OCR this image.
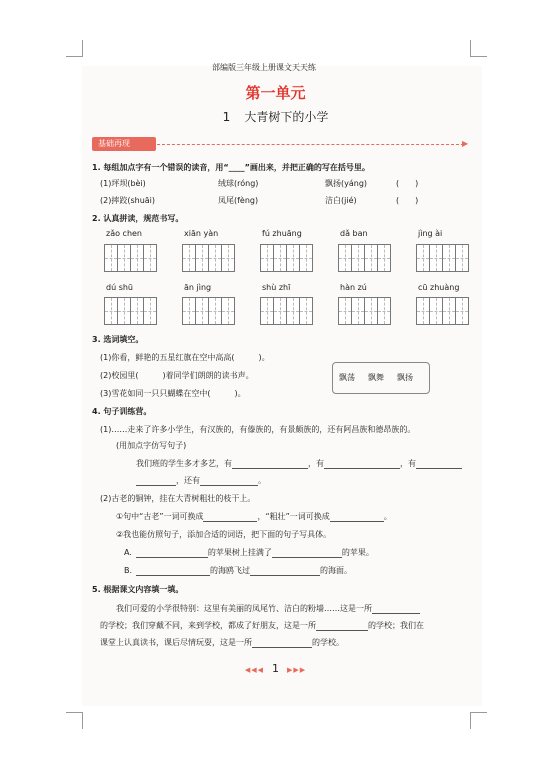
部编版三年级上册课文天天练
第一单元
1 大青树下的小学
基础再现	▶
1. 每组加点字有一个错误的读音，用“____”画出来，并把正确的写在括号里。
(1)坪坝(bèi)	绒球(róng)	飘扬(yáng)	(　　)
(2)摔跤(shuāi)	凤尾(fèng)	洁白(jié)	(　　)
2. 认真拼读，规范书写。
zǎo chen	xiān yàn	fú zhuāng	dǎ ban	jìng ài
dú shū	ān jìng	shù zhī	hàn zú	cū zhuàng
3. 选词填空。
(1)你看，鲜艳的五星红旗在空中高高(　　　)。
(2)校园里(　　　)着同学们朗朗的读书声。
(3)雪花如同一只只蝴蝶在空中(　　　)。
飘荡 飘舞 飘扬
4. 句子训练营。
(1)……走来了许多小学生，有汉族的，有傣族的，有景颇族的，还有阿昌族和德昂族的。
(用加点字仿写句子)
我们班的学生多才多艺，有	，有	，有
，还有	。
(2)古老的铜钟，挂在大青树粗壮的枝干上。
①句中“古老”一词可换成	，“粗壮”一词可换成	。
②我也能仿照句子，添加合适的词语，把下面的句子写具体。
A.	的苹果树上挂满了	的苹果。
B.	的海鸥飞过	的海面。
5. 根据课文内容填一填。
我们可爱的小学很特别：这里有美丽的凤尾竹、洁白的粉墙……这是一所
的学校；我们穿戴不同，来到学校，都成了好朋友，这是一所	的学校；我们在
课堂上认真读书，课后尽情玩耍，这是一所	的学校。
◀◀◀ 1 ▶▶▶
